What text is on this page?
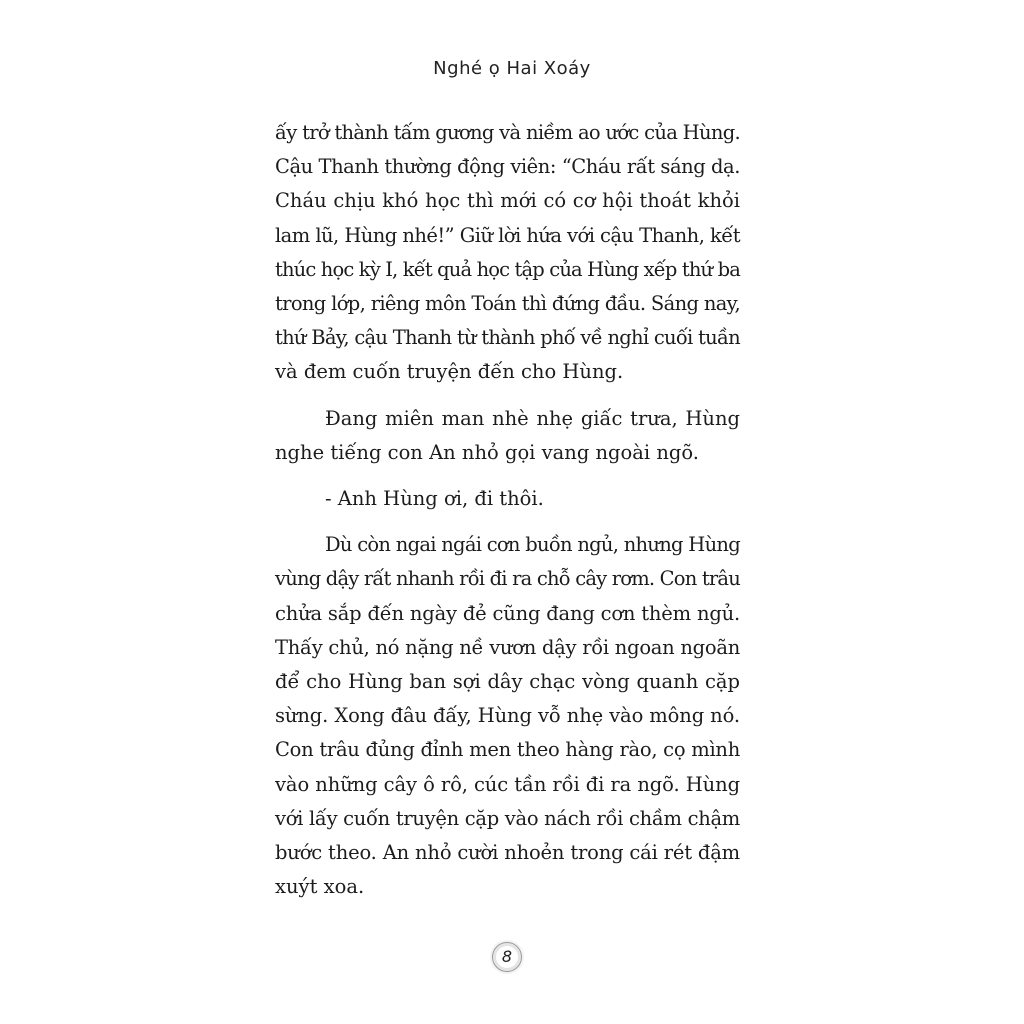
Nghé ọ Hai Xoáy

ấy trở thành tấm gương và niềm ao ước của Hùng.
Cậu Thanh thường động viên: “Cháu rất sáng dạ.
Cháu chịu khó học thì mới có cơ hội thoát khỏi
lam lũ, Hùng nhé!” Giữ lời hứa với cậu Thanh, kết
thúc học kỳ I, kết quả học tập của Hùng xếp thứ ba
trong lớp, riêng môn Toán thì đứng đầu. Sáng nay,
thứ Bảy, cậu Thanh từ thành phố về nghỉ cuối tuần
và đem cuốn truyện đến cho Hùng.

Đang miên man nhè nhẹ giấc trưa, Hùng
nghe tiếng con An nhỏ gọi vang ngoài ngõ.

- Anh Hùng ơi, đi thôi.

Dù còn ngai ngái cơn buồn ngủ, nhưng Hùng
vùng dậy rất nhanh rồi đi ra chỗ cây rơm. Con trâu
chửa sắp đến ngày đẻ cũng đang cơn thèm ngủ.
Thấy chủ, nó nặng nề vươn dậy rồi ngoan ngoãn
để cho Hùng ban sợi dây chạc vòng quanh cặp
sừng. Xong đâu đấy, Hùng vỗ nhẹ vào mông nó.
Con trâu đủng đỉnh men theo hàng rào, cọ mình
vào những cây ô rô, cúc tần rồi đi ra ngõ. Hùng
với lấy cuốn truyện cặp vào nách rồi chầm chậm
bước theo. An nhỏ cười nhoẻn trong cái rét đậm
xuýt xoa.

8
